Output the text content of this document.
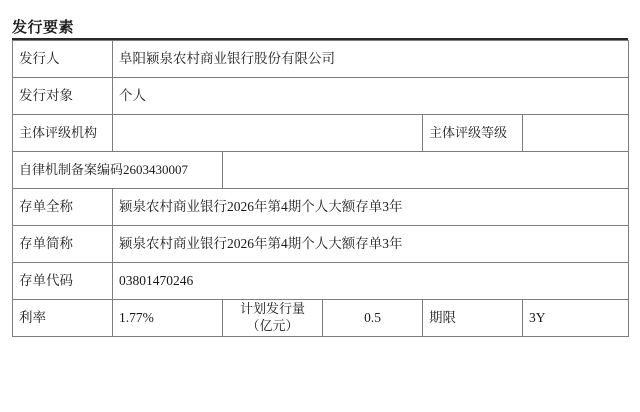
发行要素
发行人	阜阳颍泉农村商业银行股份有限公司				
发行对象	个人				
主体评级机构				主体评级等级	
自律机制备案编码2603430007					
存单全称	颍泉农村商业银行2026年第4期个人大额存单3年				
存单简称	颍泉农村商业银行2026年第4期个人大额存单3年				
存单代码	03801470246				
利率	1.77%	计划发行量
（亿元）	0.5	期限	3Y
